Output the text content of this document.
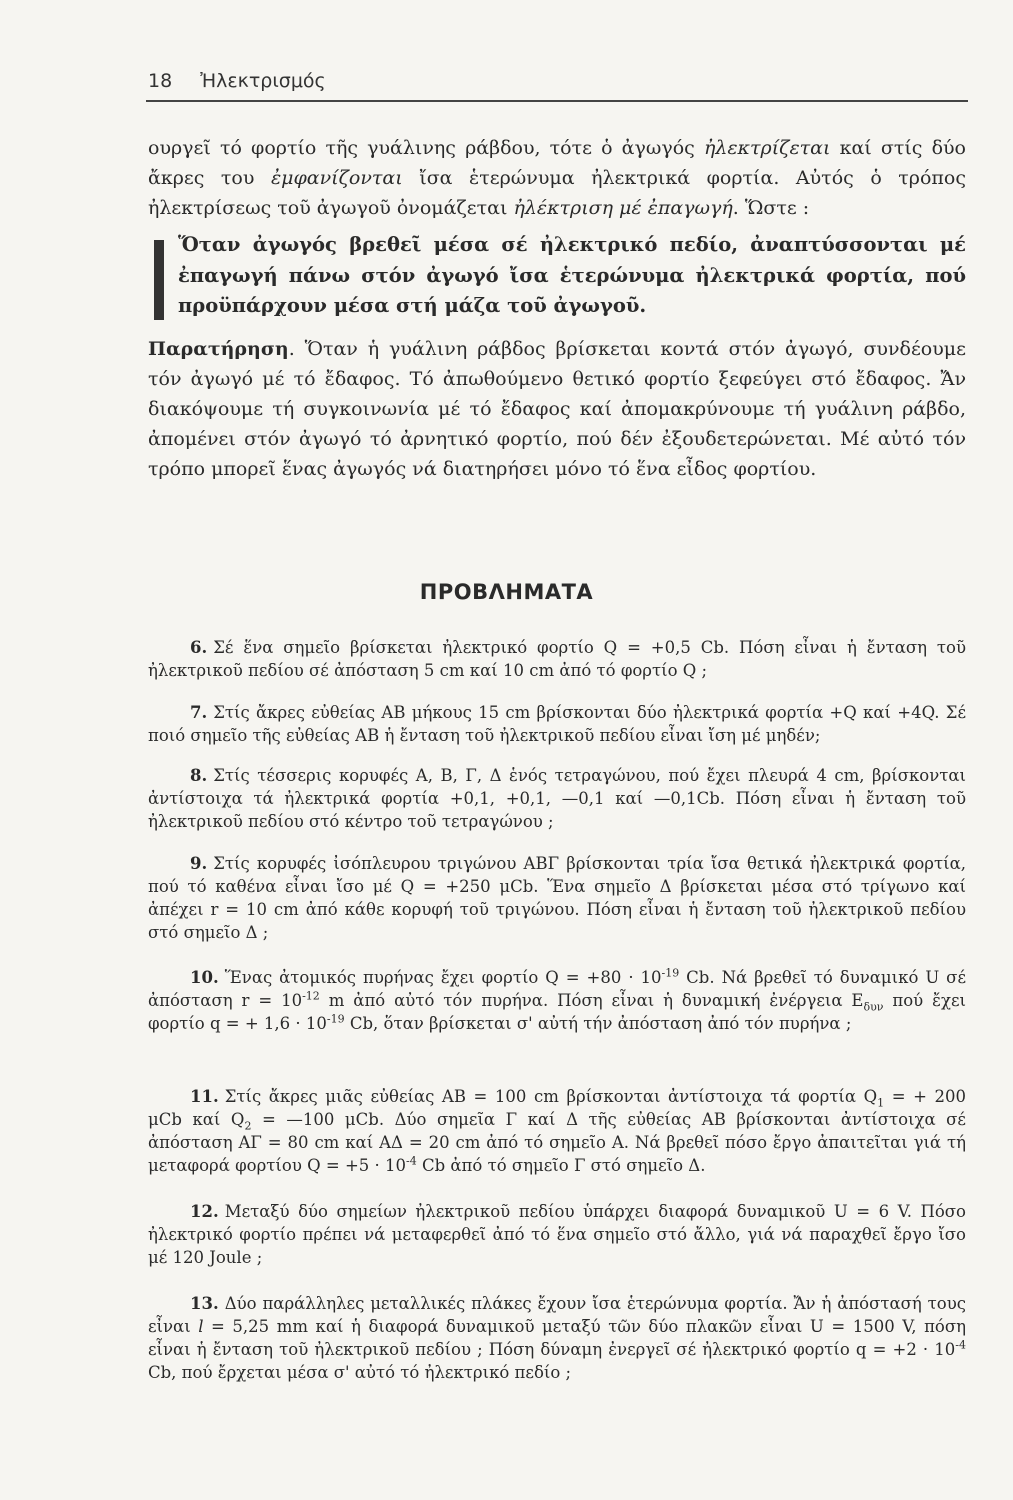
18 Ἠλεκτρισμός
ουργεῖ τό φορτίο τῆς γυάλινης ράβδου, τότε ὁ ἀγωγός ἠλεκτρίζεται καί στίς δύο ἄκρες του ἐμφανίζονται ἴσα ἑτερώνυμα ἠλεκτρικά φορτία. Αὐτός ὁ τρόπος ἠλεκτρίσεως τοῦ ἀγωγοῦ ὀνομάζεται ἠλέκτριση μέ ἐπαγωγή. Ὥστε :
Ὅταν ἀγωγός βρεθεῖ μέσα σέ ἠλεκτρικό πεδίο, ἀναπτύσσονται μέ ἐπαγωγή πάνω στόν ἀγωγό ἴσα ἑτερώνυμα ἠλεκτρικά φορτία, πού προϋπάρχουν μέσα στή μάζα τοῦ ἀγωγοῦ.
Παρατήρηση. Ὅταν ἡ γυάλινη ράβδος βρίσκεται κοντά στόν ἀγωγό, συνδέουμε τόν ἀγωγό μέ τό ἔδαφος. Τό ἀπωθούμενο θετικό φορτίο ξεφεύγει στό ἔδαφος. Ἄν διακόψουμε τή συγκοινωνία μέ τό ἔδαφος καί ἀπομακρύνουμε τή γυάλινη ράβδο, ἀπομένει στόν ἀγωγό τό ἀρνητικό φορτίο, πού δέν ἐξουδετερώνεται. Μέ αὐτό τόν τρόπο μπορεῖ ἕνας ἀγωγός νά διατηρήσει μόνο τό ἕνα εἶδος φορτίου.
ΠΡΟΒΛΗΜΑΤΑ
6. Σέ ἕνα σημεῖο βρίσκεται ἠλεκτρικό φορτίο Q = +0,5 Cb. Πόση εἶναι ἡ ἔνταση τοῦ ἠλεκτρικοῦ πεδίου σέ ἀπόσταση 5 cm καί 10 cm ἀπό τό φορτίο Q ;
7. Στίς ἄκρες εὐθείας AB μήκους 15 cm βρίσκονται δύο ἠλεκτρικά φορτία +Q καί +4Q. Σέ ποιό σημεῖο τῆς εὐθείας AB ἡ ἔνταση τοῦ ἠλεκτρικοῦ πεδίου εἶναι ἴση μέ μηδέν;
8. Στίς τέσσερις κορυφές A, B, Γ, Δ ἑνός τετραγώνου, πού ἔχει πλευρά 4 cm, βρίσκονται ἀντίστοιχα τά ἠλεκτρικά φορτία +0,1, +0,1, —0,1 καί —0,1Cb. Πόση εἶναι ἡ ἔνταση τοῦ ἠλεκτρικοῦ πεδίου στό κέντρο τοῦ τετραγώνου ;
9. Στίς κορυφές ἰσόπλευρου τριγώνου ABΓ βρίσκονται τρία ἴσα θετικά ἠλεκτρικά φορτία, πού τό καθένα εἶναι ἴσο μέ Q = +250 μCb. Ἕνα σημεῖο Δ βρίσκεται μέσα στό τρίγωνο καί ἀπέχει r = 10 cm ἀπό κάθε κορυφή τοῦ τριγώνου. Πόση εἶναι ἡ ἔνταση τοῦ ἠλεκτρικοῦ πεδίου στό σημεῖο Δ ;
10. Ἕνας ἀτομικός πυρήνας ἔχει φορτίο $Q = +80 \cdot 10^{-19}$ Cb. Νά βρεθεῖ τό δυναμικό U σέ ἀπόσταση $r = 10^{-12}$ m ἀπό αὐτό τόν πυρήνα. Πόση εἶναι ἡ δυναμική ἐνέργεια $E_{\delta\upsilon\nu}$ πού ἔχει φορτίο q = + $1,6 \cdot 10^{-19}$ Cb, ὅταν βρίσκεται σ' αὐτή τήν ἀπόσταση ἀπό τόν πυρήνα ;
11. Στίς ἄκρες μιᾶς εὐθείας AB = 100 cm βρίσκονται ἀντίστοιχα τά φορτία $Q_1$ = + 200 μCb καί $Q_2$ = —100 μCb. Δύο σημεῖα Γ καί Δ τῆς εὐθείας AB βρίσκονται ἀντίστοιχα σέ ἀπόσταση AΓ = 80 cm καί AΔ = 20 cm ἀπό τό σημεῖο A. Νά βρεθεῖ πόσο ἔργο ἀπαιτεῖται γιά τή μεταφορά φορτίου $Q = +5 \cdot 10^{-4}$ Cb ἀπό τό σημεῖο Γ στό σημεῖο Δ.
12. Μεταξύ δύο σημείων ἠλεκτρικοῦ πεδίου ὑπάρχει διαφορά δυναμικοῦ U = 6 V. Πόσο ἠλεκτρικό φορτίο πρέπει νά μεταφερθεῖ ἀπό τό ἕνα σημεῖο στό ἄλλο, γιά νά παραχθεῖ ἔργο ἴσο μέ 120 Joule ;
13. Δύο παράλληλες μεταλλικές πλάκες ἔχουν ἴσα ἑτερώνυμα φορτία. Ἄν ἡ ἀπόστασή τους εἶναι l = 5,25 mm καί ἡ διαφορά δυναμικοῦ μεταξύ τῶν δύο πλακῶν εἶναι U = 1500 V, πόση εἶναι ἡ ἔνταση τοῦ ἠλεκτρικοῦ πεδίου ; Πόση δύναμη ἐνεργεῖ σέ ἠλεκτρικό φορτίο $q = +2 \cdot 10^{-4}$ Cb, πού ἔρχεται μέσα σ' αὐτό τό ἠλεκτρικό πεδίο ;
